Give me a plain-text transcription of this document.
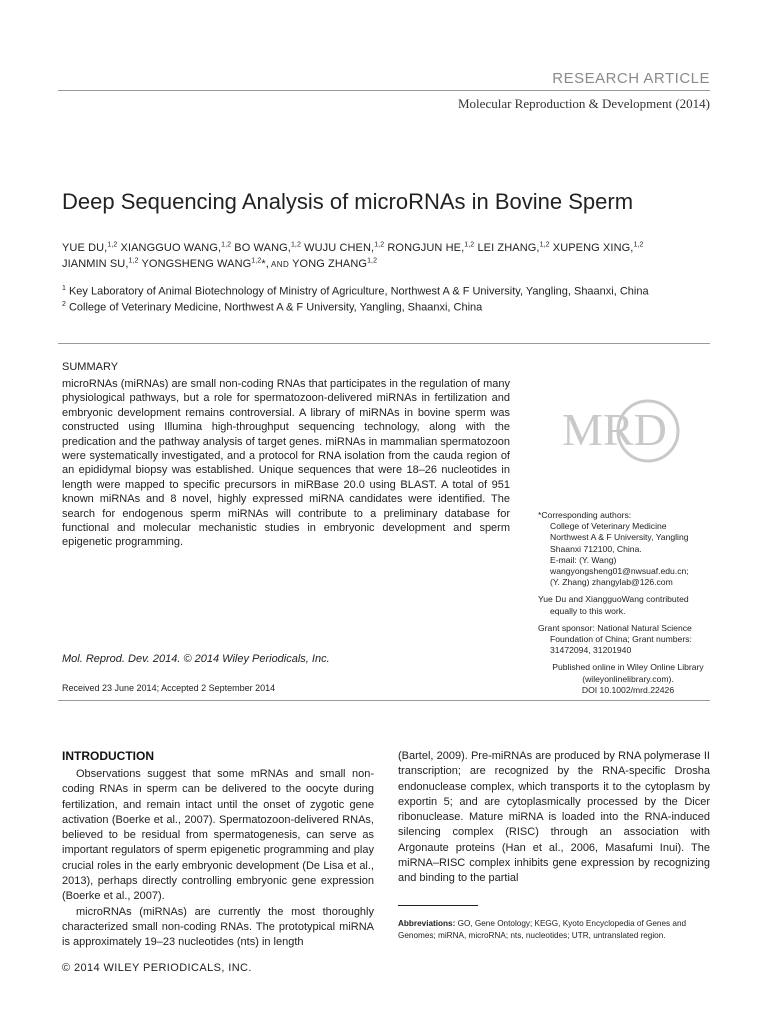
RESEARCH ARTICLE
Molecular Reproduction & Development (2014)
Deep Sequencing Analysis of microRNAs in Bovine Sperm
YUE DU,$^{1,2}$ XIANGGUO WANG,$^{1,2}$ BO WANG,$^{1,2}$ WUJU CHEN,$^{1,2}$ RONGJUN HE,$^{1,2}$ LEI ZHANG,$^{1,2}$ XUPENG XING,$^{1,2}$
JIANMIN SU,$^{1,2}$ YONGSHENG WANG$^{1,2}$*, AND YONG ZHANG$^{1,2}$
$^1$ Key Laboratory of Animal Biotechnology of Ministry of Agriculture, Northwest A & F University, Yangling, Shaanxi, China
$^2$ College of Veterinary Medicine, Northwest A & F University, Yangling, Shaanxi, China
SUMMARY
microRNAs (miRNAs) are small non-coding RNAs that participates in the regulation of many physiological pathways, but a role for spermatozoon-delivered miRNAs in fertilization and embryonic development remains controversial. A library of miRNAs in bovine sperm was constructed using Illumina high-throughput sequencing technology, along with the predication and the pathway analysis of target genes. miRNAs in mammalian spermatozoon were systematically investigated, and a protocol for RNA isolation from the cauda region of an epididymal biopsy was established. Unique sequences that were 18–26 nucleotides in length were mapped to specific precursors in miRBase 20.0 using BLAST. A total of 951 known miRNAs and 8 novel, highly expressed miRNA candidates were identified. The search for endogenous sperm miRNAs will contribute to a preliminary database for functional and molecular mechanistic studies in embryonic development and sperm epigenetic programming.
Mol. Reprod. Dev. 2014. © 2014 Wiley Periodicals, Inc.
Received 23 June 2014; Accepted 2 September 2014
MRD
*Corresponding authors:
College of Veterinary Medicine
Northwest A & F University, Yangling
Shaanxi 712100, China.
E-mail: (Y. Wang)
wangyongsheng01@nwsuaf.edu.cn;
(Y. Zhang) zhangylab@126.com
Yue Du and XiangguoWang contributed
equally to this work.
Grant sponsor: National Natural Science
Foundation of China; Grant numbers:
31472094, 31201940
Published online in Wiley Online Library
(wileyonlinelibrary.com).
DOI 10.1002/mrd.22426
INTRODUCTION

Observations suggest that some mRNAs and small non-coding RNAs in sperm can be delivered to the oocyte during fertilization, and remain intact until the onset of zygotic gene activation (Boerke et al., 2007). Spermatozoon-delivered RNAs, believed to be residual from spermatogenesis, can serve as important regulators of sperm epigenetic programming and play crucial roles in the early embryonic development (De Lisa et al., 2013), perhaps directly controlling embryonic gene expression (Boerke et al., 2007).

microRNAs (miRNAs) are currently the most thoroughly characterized small non-coding RNAs. The prototypical miRNA is approximately 19–23 nucleotides (nts) in length

(Bartel, 2009). Pre-miRNAs are produced by RNA polymerase II transcription; are recognized by the RNA-specific Drosha endonuclease complex, which transports it to the cytoplasm by exportin 5; and are cytoplasmically processed by the Dicer ribonuclease. Mature miRNA is loaded into the RNA-induced silencing complex (RISC) through an association with Argonaute proteins (Han et al., 2006, Masafumi Inui). The miRNA–RISC complex inhibits gene expression by recognizing and binding to the partial

Abbreviations: GO, Gene Ontology; KEGG, Kyoto Encyclopedia of Genes and Genomes; miRNA, microRNA; nts, nucleotides; UTR, untranslated region.
© 2014 WILEY PERIODICALS, INC.
